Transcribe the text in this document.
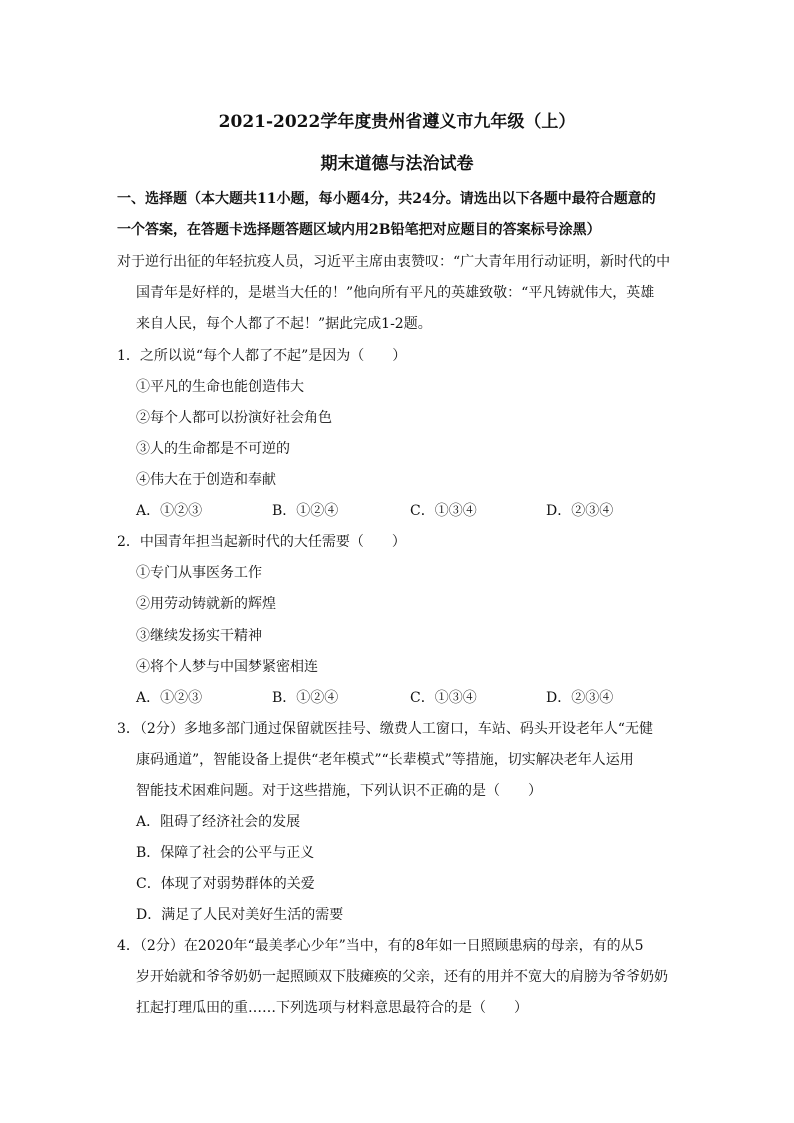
2021-2022学年度贵州省遵义市九年级（上）
期末道德与法治试卷
一、选择题（本大题共11小题，每小题4分，共24分。请选出以下各题中最符合题意的
一个答案，在答题卡选择题答题区域内用2B铅笔把对应题目的答案标号涂黑）
对于逆行出征的年轻抗疫人员，习近平主席由衷赞叹：“广大青年用行动证明，新时代的中
国青年是好样的，是堪当大任的！”他向所有平凡的英雄致敬：“平凡铸就伟大，英雄
来自人民，每个人都了不起！”据此完成1-2题。
1．之所以说“每个人都了不起”是因为（　　）
①平凡的生命也能创造伟大
②每个人都可以扮演好社会角色
③人的生命都是不可逆的
④伟大在于创造和奉献
A．①②③	B．①②④	C．①③④	D．②③④
2．中国青年担当起新时代的大任需要（　　）
①专门从事医务工作
②用劳动铸就新的辉煌
③继续发扬实干精神
④将个人梦与中国梦紧密相连
A．①②③	B．①②④	C．①③④	D．②③④
3．（2分）多地多部门通过保留就医挂号、缴费人工窗口，车站、码头开设老年人“无健
康码通道”，智能设备上提供“老年模式”“长辈模式”等措施，切实解决老年人运用
智能技术困难问题。对于这些措施，下列认识不正确的是（　　）
A．阻碍了经济社会的发展
B．保障了社会的公平与正义
C．体现了对弱势群体的关爱
D．满足了人民对美好生活的需要
4．（2分）在2020年“最美孝心少年”当中，有的8年如一日照顾患病的母亲，有的从5
岁开始就和爷爷奶奶一起照顾双下肢瘫痪的父亲，还有的用并不宽大的肩膀为爷爷奶奶
扛起打理瓜田的重……下列选项与材料意思最符合的是（　　）
